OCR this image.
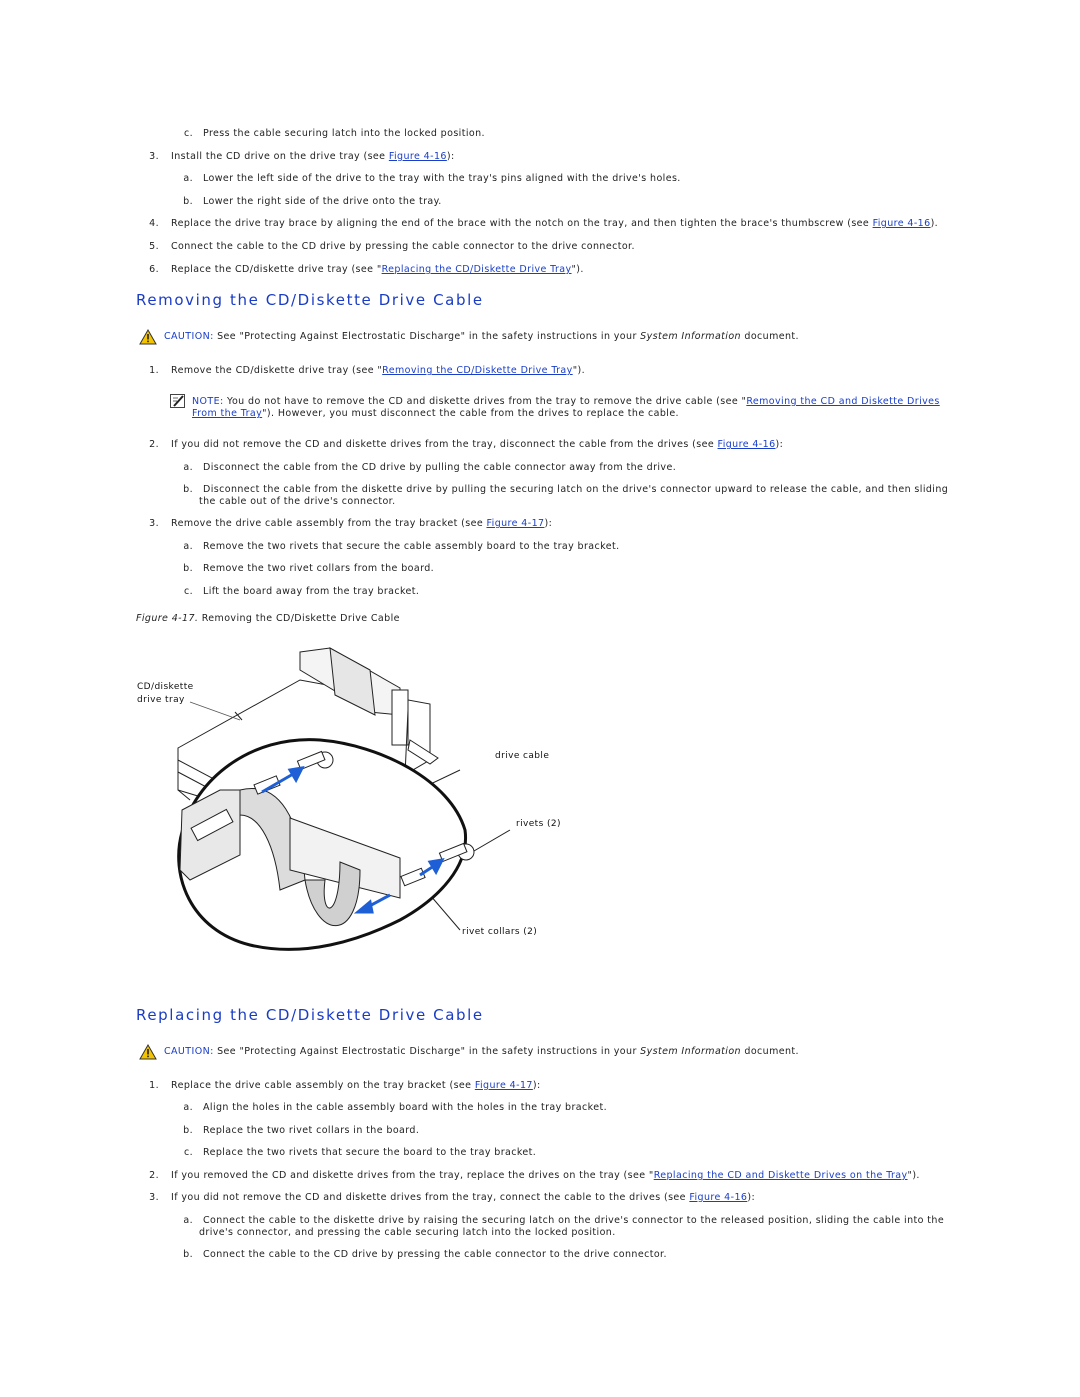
c. Press the cable securing latch into the locked position.
3. Install the CD drive on the drive tray (see Figure 4-16):
a. Lower the left side of the drive to the tray with the tray's pins aligned with the drive's holes.
b. Lower the right side of the drive onto the tray.
4. Replace the drive tray brace by aligning the end of the brace with the notch on the tray, and then tighten the brace's thumbscrew (see Figure 4-16).
5. Connect the cable to the CD drive by pressing the cable connector to the drive connector.
6. Replace the CD/diskette drive tray (see "Replacing the CD/Diskette Drive Tray").
Removing the CD/Diskette Drive Cable
CAUTION: See "Protecting Against Electrostatic Discharge" in the safety instructions in your System Information document.
1. Remove the CD/diskette drive tray (see "Removing the CD/Diskette Drive Tray").
NOTE: You do not have to remove the CD and diskette drives from the tray to remove the drive cable (see "Removing the CD and Diskette Drives
From the Tray"). However, you must disconnect the cable from the drives to replace the cable.
2. If you did not remove the CD and diskette drives from the tray, disconnect the cable from the drives (see Figure 4-16):
a. Disconnect the cable from the CD drive by pulling the cable connector away from the drive.
b. Disconnect the cable from the diskette drive by pulling the securing latch on the drive's connector upward to release the cable, and then sliding
the cable out of the drive's connector.
3. Remove the drive cable assembly from the tray bracket (see Figure 4-17):
a. Remove the two rivets that secure the cable assembly board to the tray bracket.
b. Remove the two rivet collars from the board.
c. Lift the board away from the tray bracket.
Figure 4-17. Removing the CD/Diskette Drive Cable
CD/diskette
drive tray
drive cable
rivets (2)
rivet collars (2)
Replacing the CD/Diskette Drive Cable
CAUTION: See "Protecting Against Electrostatic Discharge" in the safety instructions in your System Information document.
1. Replace the drive cable assembly on the tray bracket (see Figure 4-17):
a. Align the holes in the cable assembly board with the holes in the tray bracket.
b. Replace the two rivet collars in the board.
c. Replace the two rivets that secure the board to the tray bracket.
2. If you removed the CD and diskette drives from the tray, replace the drives on the tray (see "Replacing the CD and Diskette Drives on the Tray").
3. If you did not remove the CD and diskette drives from the tray, connect the cable to the drives (see Figure 4-16):
a. Connect the cable to the diskette drive by raising the securing latch on the drive's connector to the released position, sliding the cable into the
drive's connector, and pressing the cable securing latch into the locked position.
b. Connect the cable to the CD drive by pressing the cable connector to the drive connector.
